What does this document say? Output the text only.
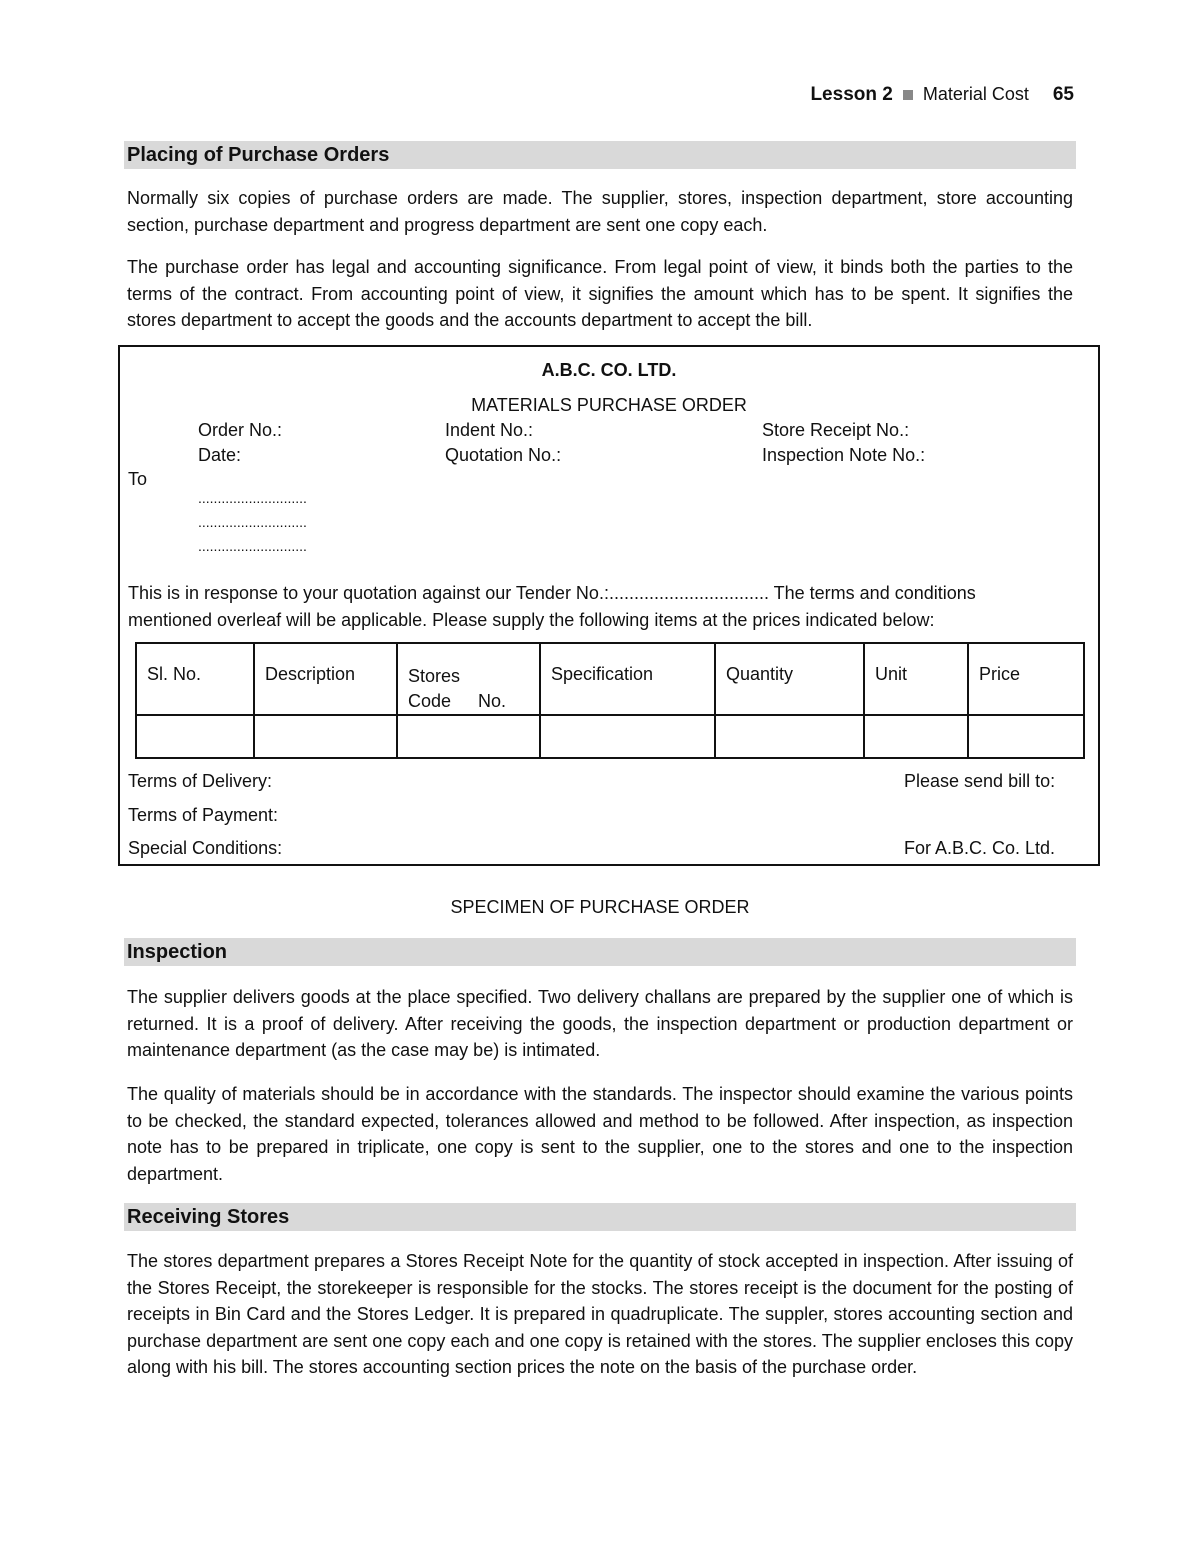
Lesson 2 Material Cost 65
Placing of Purchase Orders

Normally six copies of purchase orders are made. The supplier, stores, inspection department, store accounting section, purchase department and progress department are sent one copy each.

The purchase order has legal and accounting significance. From legal point of view, it binds both the parties to the terms of the contract. From accounting point of view, it signifies the amount which has to be spent. It signifies the stores department to accept the goods and the accounts department to accept the bill.

A.B.C. CO. LTD.
MATERIALS PURCHASE ORDER
Order No.:	Indent No.:	Store Receipt No.:
Date:	Quotation No.:	Inspection Note No.:
To
............................
............................
............................
This is in response to your quotation against our Tender No.:................................ The terms and conditions
mentioned overleaf will be applicable. Please supply the following items at the prices indicated below:
Terms of Delivery:	Please send bill to:
Terms of Payment:
Special Conditions:	For A.B.C. Co. Ltd.
Sl. No.	Description	Stores Code No.	Specification	Quantity	Unit	Price

SPECIMEN OF PURCHASE ORDER
Inspection

The supplier delivers goods at the place specified. Two delivery challans are prepared by the supplier one of which is returned. It is a proof of delivery. After receiving the goods, the inspection department or production department or maintenance department (as the case may be) is intimated.

The quality of materials should be in accordance with the standards. The inspector should examine the various points to be checked, the standard expected, tolerances allowed and method to be followed. After inspection, as inspection note has to be prepared in triplicate, one copy is sent to the supplier, one to the stores and one to the inspection department.

Receiving Stores

The stores department prepares a Stores Receipt Note for the quantity of stock accepted in inspection. After issuing of the Stores Receipt, the storekeeper is responsible for the stocks. The stores receipt is the document for the posting of receipts in Bin Card and the Stores Ledger. It is prepared in quadruplicate. The suppler, stores accounting section and purchase department are sent one copy each and one copy is retained with the stores. The supplier encloses this copy along with his bill. The stores accounting section prices the note on the basis of the purchase order.
